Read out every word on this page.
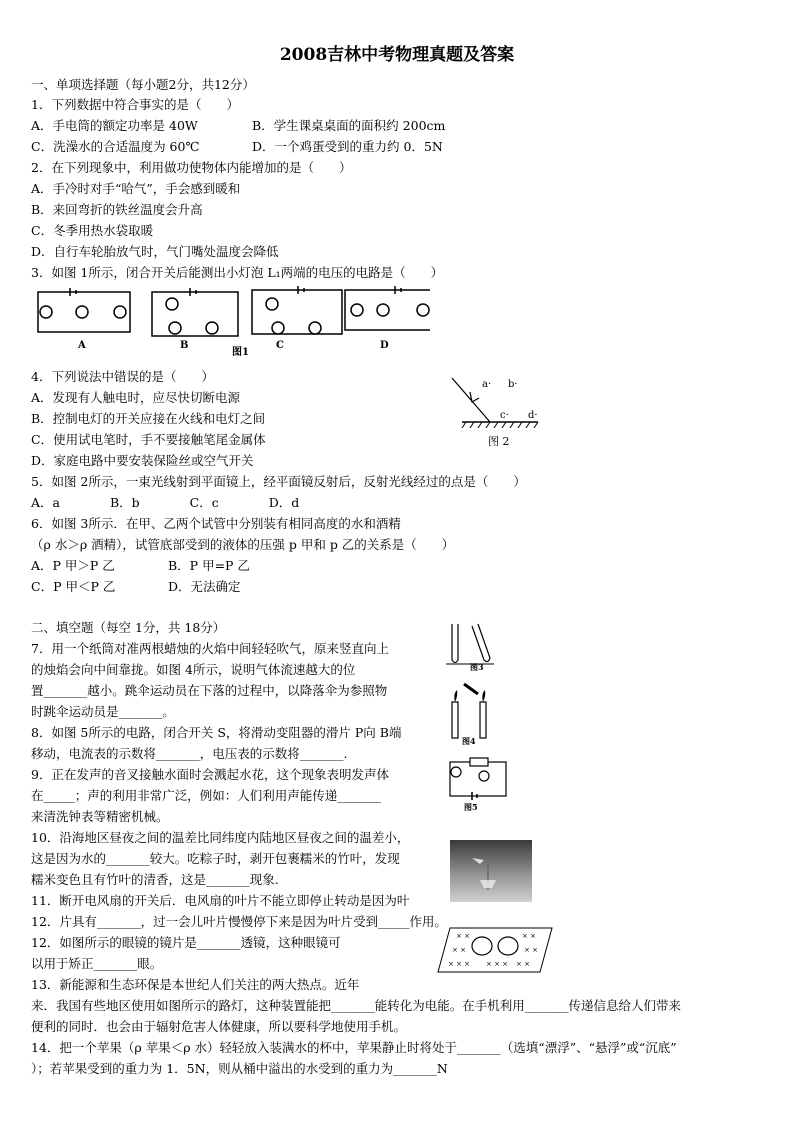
2008吉林中考物理真题及答案
一、单项选择题（每小题2分，共12分）
1．下列数据中符合事实的是（　　）
A．手电筒的额定功率是 40W	B．学生课桌桌面的面积约 200cm
C．洗澡水的合适温度为 60℃	D．一个鸡蛋受到的重力约 0．5N
2．在下列现象中，利用做功使物体内能增加的是（　　）
A．手冷时对手“哈气”，手会感到暖和
B．来回弯折的铁丝温度会升高
C．冬季用热水袋取暖
D．自行车轮胎放气时，气门嘴处温度会降低
3．如图 1所示，闭合开关后能测出小灯泡 L₁两端的电压的电路是（　　）
A	B
图1
C	D
4．下列说法中错误的是（　　）
A．发现有人触电时，应尽快切断电源
B．控制电灯的开关应接在火线和电灯之间
C．使用试电笔时，手不要接触笔尾金属体
D．家庭电路中要安装保险丝或空气开关
a· b·
c· d·
图 2
5．如图 2所示，一束光线射到平面镜上，经平面镜反射后，反射光线经过的点是（　　）
A．a　　　　B．b　　　　C．c　　　　D．d
6．如图 3所示．在甲、乙两个试管中分别装有相同高度的水和酒精
（ρ 水＞ρ 酒精），试管底部受到的液体的压强 p 甲和 p 乙的关系是（　　）
A．P 甲＞P 乙	B．P 甲=P 乙
C．P 甲＜P 乙	D．无法确定
二、填空题（每空 1分，共 18分）
图3
7．用一个纸筒对准两根蜡烛的火焰中间轻轻吹气，原来竖直向上
的烛焰会向中间靠拢。如图 4所示，说明气体流速越大的位
置_______越小。跳伞运动员在下落的过程中，以降落伞为参照物
时跳伞运动员是_______。
图4
8．如图 5所示的电路，闭合开关 S，将滑动变阻器的滑片 P向 B端
移动，电流表的示数将_______，电压表的示数将_______.
图5
9．正在发声的音叉接触水面时会溅起水花，这个现象表明发声体
在_____；声的利用非常广泛，例如：人们利用声能传递_______
来清洗钟表等精密机械。
10．沿海地区昼夜之间的温差比同纬度内陆地区昼夜之间的温差小，
这是因为水的_______较大。吃粽子时，剥开包裹糯米的竹叶，发现
糯米变色且有竹叶的清香，这是_______现象.
11．断开电风扇的开关后．电风扇的叶片不能立即停止转动是因为叶
12．片具有_______，过一会儿叶片慢慢停下来是因为叶片受到_____作用。
× ×	× ×
× ×	× ×
× × × × × × × ×
12．如图所示的眼镜的镜片是_______透镜，这种眼镜可
以用于矫正_______眼。
13．新能源和生态环保是本世纪人们关注的两大热点。近年
来．我国有些地区使用如图所示的路灯，这种装置能把_______能转化为电能。在手机利用_______传递信息给人们带来
便利的同时．也会由于辐射危害人体健康，所以要科学地使用手机。
14．把一个苹果（ρ 苹果＜ρ 水）轻轻放入装满水的杯中，苹果静止时将处于_______（选填“漂浮”、“悬浮”或“沉底”
）；若苹果受到的重力为 1．5N，则从桶中溢出的水受到的重力为_______N
